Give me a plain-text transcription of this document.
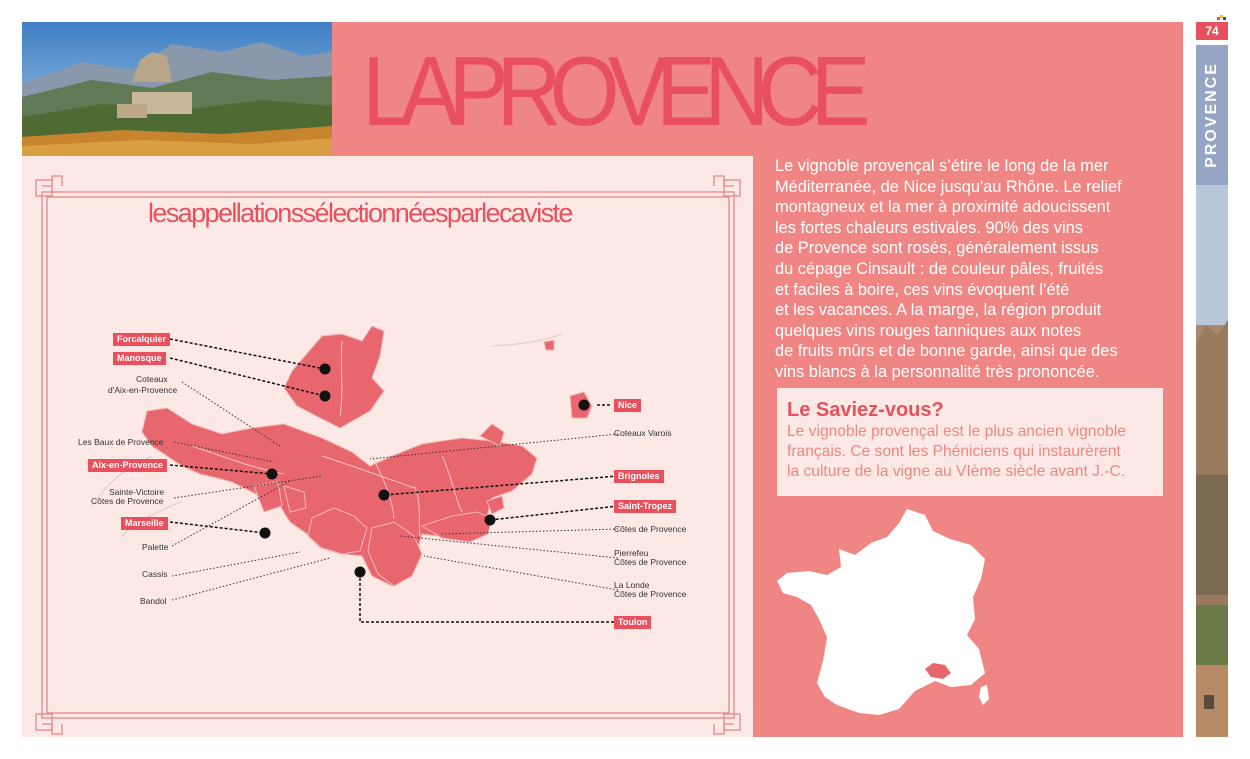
LAPROVENCE
74
PROVENCE
lesappellationssélectionnéesparlecaviste
Forcalquier
Manosque
Aix-en-Provence
Marseille
Nice
Brignoles
Saint-Tropez
Toulon
Coteaux
d'Aix-en-Provence
Les Baux de Provence
Sainte-Victoire
Côtes de Provence
Palette
Cassis
Bandol
Coteaux Varois
Côtes de Provence
Pierrefeu
Côtes de Provence
La Londe
Côtes de Provence
Le vignoble provençal s’étire le long de la mer
Méditerranée, de Nice jusqu'au Rhône. Le relief
montagneux et la mer à proximité adoucissent
les fortes chaleurs estivales. 90% des vins
de Provence sont rosés, généralement issus
du cépage Cinsault : de couleur pâles, fruités
et faciles à boire, ces vins évoquent l’été
et les vacances. A la marge, la région produit
quelques vins rouges tanniques aux notes
de fruits mûrs et de bonne garde, ainsi que des
vins blancs à la personnalité très prononcée.
Le Saviez-vous?
Le vignoble provençal est le plus ancien vignoble
français. Ce sont les Phéniciens qui instaurèrent
la culture de la vigne au VIème siècle avant J.-C.
